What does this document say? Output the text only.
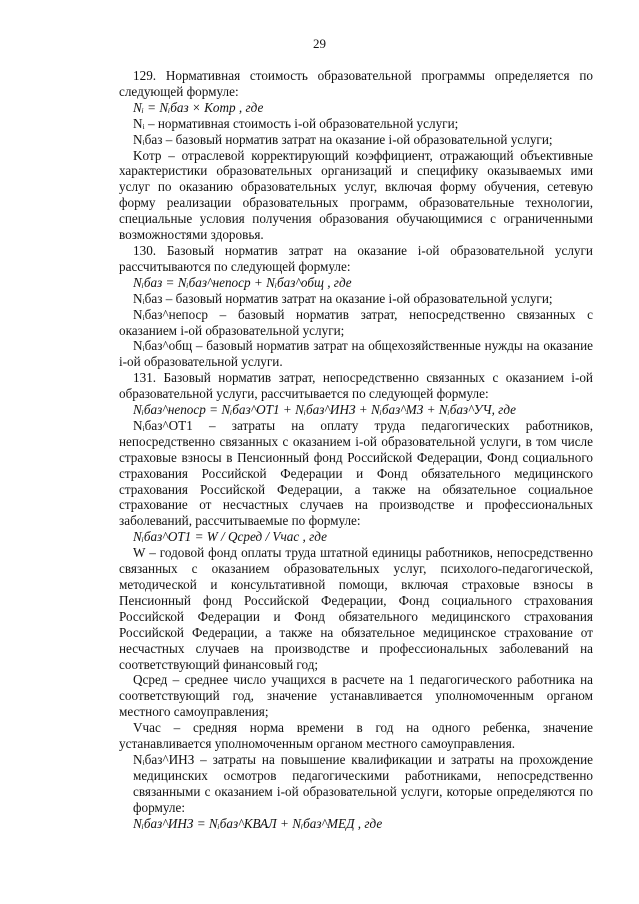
29

129. Нормативная стоимость образовательной программы определяется по следующей формуле:

Nᵢ = Nᵢбаз × Kотр , где

Nᵢ – нормативная стоимость i-ой образовательной услуги;

Nᵢбаз – базовый норматив затрат на оказание i-ой образовательной услуги;

Kотр – отраслевой корректирующий коэффициент, отражающий объективные характеристики образовательных организаций и специфику оказываемых ими услуг по оказанию образовательных услуг, включая форму обучения, сетевую форму реализации образовательных программ, образовательные технологии, специальные условия получения образования обучающимися с ограниченными возможностями здоровья.

130. Базовый норматив затрат на оказание i-ой образовательной услуги рассчитываются по следующей формуле:

Nᵢбаз = Nᵢбаз^непоср + Nᵢбаз^общ , где

Nᵢбаз – базовый норматив затрат на оказание i-ой образовательной услуги;

Nᵢбаз^непоср – базовый норматив затрат, непосредственно связанных с оказанием i-ой образовательной услуги;

Nᵢбаз^общ – базовый норматив затрат на общехозяйственные нужды на оказание i-ой образовательной услуги.

131. Базовый норматив затрат, непосредственно связанных с оказанием i-ой образовательной услуги, рассчитывается по следующей формуле:

Nᵢбаз^непоср = Nᵢбаз^ОТ1 + Nᵢбаз^ИНЗ + Nᵢбаз^МЗ + Nᵢбаз^УЧ, где

Nᵢбаз^ОТ1 – затраты на оплату труда педагогических работников, непосредственно связанных с оказанием i-ой образовательной услуги, в том числе страховые взносы в Пенсионный фонд Российской Федерации, Фонд социального страхования Российской Федерации и Фонд обязательного медицинского страхования Российской Федерации, а также на обязательное социальное страхование от несчастных случаев на производстве и профессиональных заболеваний, рассчитываемые по формуле:

Nᵢбаз^ОТ1 = W / Qсред / Vчас , где

W – годовой фонд оплаты труда штатной единицы работников, непосредственно связанных с оказанием образовательных услуг, психолого-педагогической, методической и консультативной помощи, включая страховые взносы в Пенсионный фонд Российской Федерации, Фонд социального страхования Российской Федерации и Фонд обязательного медицинского страхования Российской Федерации, а также на обязательное медицинское страхование от несчастных случаев на производстве и профессиональных заболеваний на соответствующий финансовый год;

Qсред – среднее число учащихся в расчете на 1 педагогического работника на соответствующий год, значение устанавливается уполномоченным органом местного самоуправления;

Vчас – средняя норма времени в год на одного ребенка, значение устанавливается уполномоченным органом местного самоуправления.

Nᵢбаз^ИНЗ – затраты на повышение квалификации и затраты на прохождение медицинских осмотров педагогическими работниками, непосредственно связанными с оказанием i-ой образовательной услуги, которые определяются по формуле:

Nᵢбаз^ИНЗ = Nᵢбаз^КВАЛ + Nᵢбаз^МЕД , где
